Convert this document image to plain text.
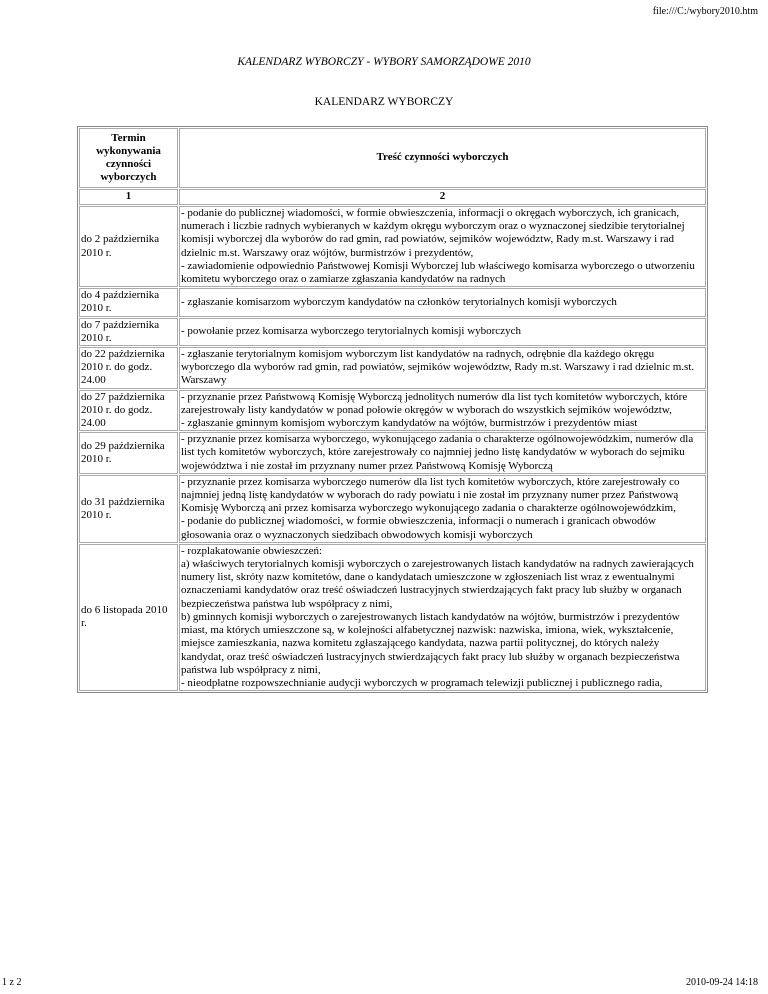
file:///C:/wybory2010.htm
KALENDARZ WYBORCZY - WYBORY SAMORZĄDOWE 2010
KALENDARZ WYBORCZY
Termin wykonywania czynności wyborczych	Treść czynności wyborczych
1	2
do 2 października 2010 r.	- podanie do publicznej wiadomości, w formie obwieszczenia, informacji o okręgach wyborczych, ich granicach, numerach i liczbie radnych wybieranych w każdym okręgu wyborczym oraz o wyznaczonej siedzibie terytorialnej komisji wyborczej dla wyborów do rad gmin, rad powiatów, sejmików województw, Rady m.st. Warszawy i rad dzielnic m.st. Warszawy oraz wójtów, burmistrzów i prezydentów,
- zawiadomienie odpowiednio Państwowej Komisji Wyborczej lub właściwego komisarza wyborczego o utworzeniu komitetu wyborczego oraz o zamiarze zgłaszania kandydatów na radnych

do 4 października 2010 r.	- zgłaszanie komisarzom wyborczym kandydatów na członków terytorialnych komisji wyborczych

do 7 października 2010 r.	- powołanie przez komisarza wyborczego terytorialnych komisji wyborczych

do 22 października 2010 r. do godz. 24.00	- zgłaszanie terytorialnym komisjom wyborczym list kandydatów na radnych, odrębnie dla każdego okręgu wyborczego dla wyborów rad gmin, rad powiatów, sejmików województw, Rady m.st. Warszawy i rad dzielnic m.st. Warszawy

do 27 października 2010 r. do godz. 24.00	- przyznanie przez Państwową Komisję Wyborczą jednolitych numerów dla list tych komitetów wyborczych, które zarejestrowały listy kandydatów w ponad połowie okręgów w wyborach do wszystkich sejmików województw,
- zgłaszanie gminnym komisjom wyborczym kandydatów na wójtów, burmistrzów i prezydentów miast

do 29 października 2010 r.	- przyznanie przez komisarza wyborczego, wykonującego zadania o charakterze ogólnowojewódzkim, numerów dla list tych komitetów wyborczych, które zarejestrowały co najmniej jedno listę kandydatów w wyborach do sejmiku województwa i nie został im przyznany numer przez Państwową Komisję Wyborczą

do 31 października 2010 r.	- przyznanie przez komisarza wyborczego numerów dla list tych komitetów wyborczych, które zarejestrowały co najmniej jedną listę kandydatów w wyborach do rady powiatu i nie został im przyznany numer przez Państwową Komisję Wyborczą ani przez komisarza wyborczego wykonującego zadania o charakterze ogólnowojewódzkim,
- podanie do publicznej wiadomości, w formie obwieszczenia, informacji o numerach i granicach obwodów głosowania oraz o wyznaczonych siedzibach obwodowych komisji wyborczych

do 6 listopada 2010 r.	- rozplakatowanie obwieszczeń:
a) właściwych terytorialnych komisji wyborczych o zarejestrowanych listach kandydatów na radnych zawierających numery list, skróty nazw komitetów, dane o kandydatach umieszczone w zgłoszeniach list wraz z ewentualnymi oznaczeniami kandydatów oraz treść oświadczeń lustracyjnych stwierdzających fakt pracy lub służby w organach bezpieczeństwa państwa lub współpracy z nimi,
b) gminnych komisji wyborczych o zarejestrowanych listach kandydatów na wójtów, burmistrzów i prezydentów miast, ma których umieszczone są, w kolejności alfabetycznej nazwisk: nazwiska, imiona, wiek, wykształcenie, miejsce zamieszkania, nazwa komitetu zgłaszającego kandydata, nazwa partii politycznej, do których należy kandydat, oraz treść oświadczeń lustracyjnych stwierdzających fakt pracy lub służby w organach bezpieczeństwa państwa lub współpracy z nimi,
- nieodpłatne rozpowszechnianie audycji wyborczych w programach telewizji publicznej i publicznego radia,
1 z 2	2010-09-24 14:18
